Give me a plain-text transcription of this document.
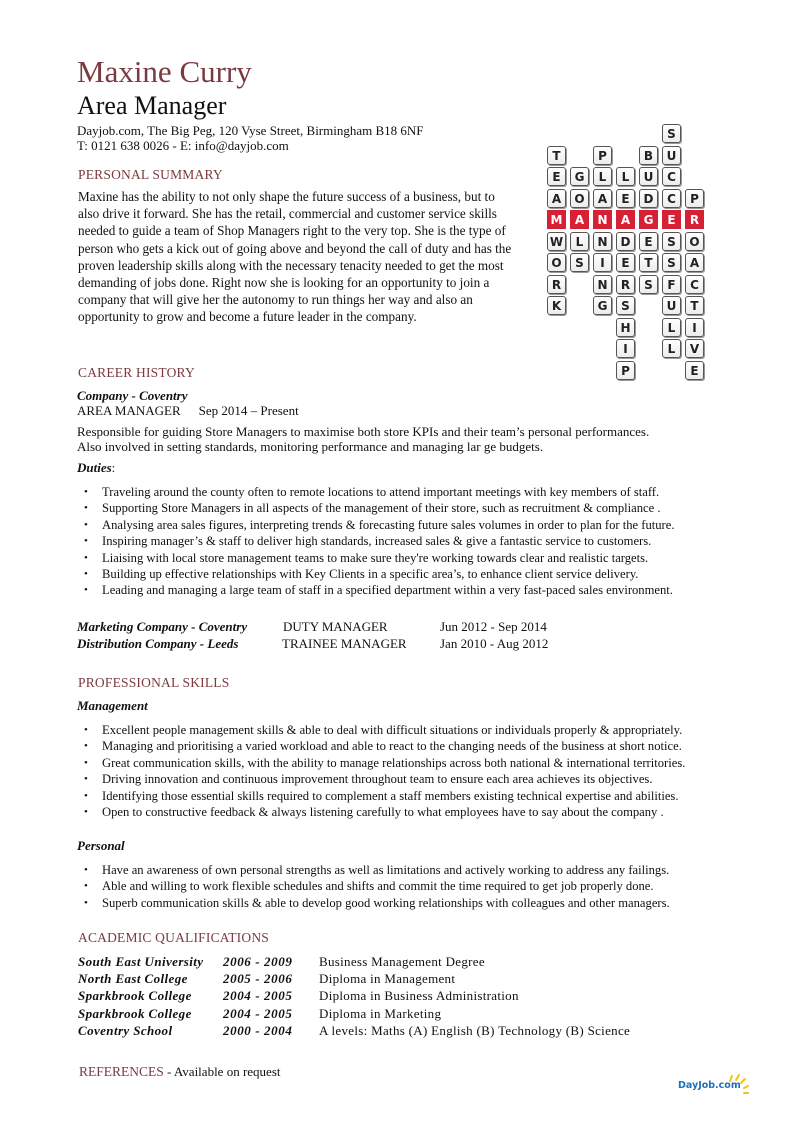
Maxine Curry
Area Manager
Dayjob.com, The Big Peg, 120 Vyse Street, Birmingham B18 6NF
T: 0121 638 0026 - E: info@dayjob.com
T
E
A
M
W
O
R
K
G
O
A
L
S
P
L
A
N
N
I
N
G
L
E
A
D
E
R
S
H
I
P
B
U
D
G
E
T
S
S
U
C
C
E
S
S
F
U
L
L
P
R
O
A
C
T
I
V
E
PERSONAL SUMMARY
Maxine has the ability to not only shape the future success of a business, but to also drive it forward. She has the retail, commercial and customer service skills needed to guide a team of Shop Managers right to the very top. She is the type of person who gets a kick out of going above and beyond the call of duty and has the proven leadership skills along with the necessary tenacity needed to get the most demanding of jobs done. Right now she is looking for an opportunity to join a company that will give her the autonomy to run things her way and also an opportunity to grow and become a future leader in the company.
CAREER HISTORY
Company - Coventry
AREA MANAGER Sep 2014 – Present
Responsible for guiding Store Managers to maximise both store KPIs and their team’s personal performances.
Also involved in setting standards, monitoring performance and managing lar ge budgets.
Duties:
• Traveling around the county often to remote locations to attend important meetings with key members of staff.
• Supporting Store Managers in all aspects of the management of their store, such as recruitment & compliance .
• Analysing area sales figures, interpreting trends & forecasting future sales volumes in order to plan for the future.
• Inspiring manager’s & staff to deliver high standards, increased sales & give a fantastic service to customers.
• Liaising with local store management teams to make sure they're working towards clear and realistic targets.
• Building up effective relationships with Key Clients in a specific area’s, to enhance client service delivery.
• Leading and managing a large team of staff in a specified department within a very fast-paced sales environment.
Marketing Company - Coventry	DUTY MANAGER	Jun 2012 - Sep 2014
Distribution Company - Leeds	TRAINEE MANAGER	Jan 2010 - Aug 2012
PROFESSIONAL SKILLS
Management
• Excellent people management skills & able to deal with difficult situations or individuals properly & appropriately.
• Managing and prioritising a varied workload and able to react to the changing needs of the business at short notice.
• Great communication skills, with the ability to manage relationships across both national & international territories.
• Driving innovation and continuous improvement throughout team to ensure each area achieves its objectives.
• Identifying those essential skills required to complement a staff members existing technical expertise and abilities.
• Open to constructive feedback & always listening carefully to what employees have to say about the company .
Personal
• Have an awareness of own personal strengths as well as limitations and actively working to address any failings.
• Able and willing to work flexible schedules and shifts and commit the time required to get job properly done.
• Superb communication skills & able to develop good working relationships with colleagues and other managers.
ACADEMIC QUALIFICATIONS
South East University 2006 - 2009 Business Management Degree
North East College	2005 - 2006 Diploma in Management
Sparkbrook College 2004 - 2005 Diploma in Business Administration
Sparkbrook College 2004 - 2005 Diploma in Marketing
Coventry School	2000 - 2004 A levels: Maths (A) English (B) Technology (B) Science
REFERENCES - Available on request
DayJob.com
